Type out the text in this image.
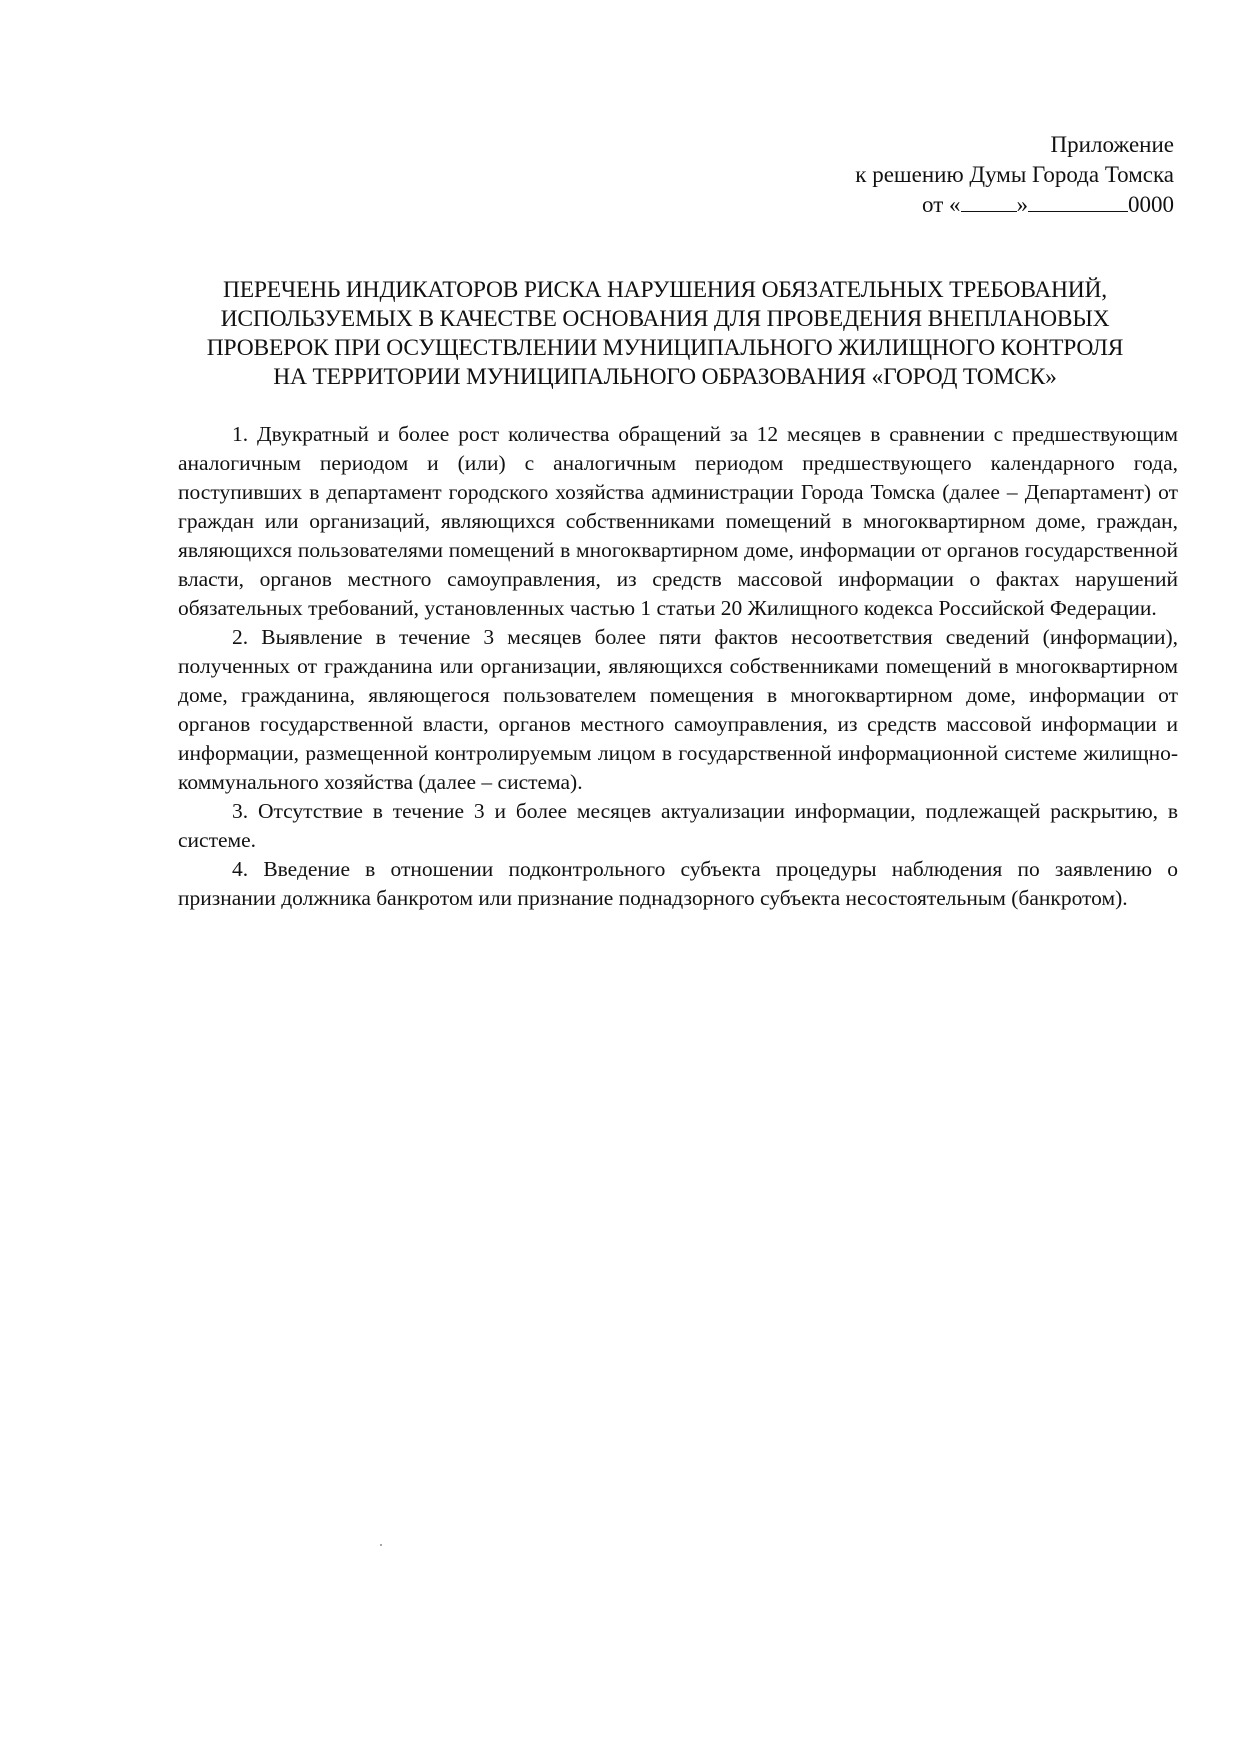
Приложение
к решению Думы Города Томска
от « »	0000
ПЕРЕЧЕНЬ ИНДИКАТОРОВ РИСКА НАРУШЕНИЯ ОБЯЗАТЕЛЬНЫХ ТРЕБОВАНИЙ,
ИСПОЛЬЗУЕМЫХ В КАЧЕСТВЕ ОСНОВАНИЯ ДЛЯ ПРОВЕДЕНИЯ ВНЕПЛАНОВЫХ
ПРОВЕРОК ПРИ ОСУЩЕСТВЛЕНИИ МУНИЦИПАЛЬНОГО ЖИЛИЩНОГО КОНТРОЛЯ
НА ТЕРРИТОРИИ МУНИЦИПАЛЬНОГО ОБРАЗОВАНИЯ «ГОРОД ТОМСК»

1. Двукратный и более рост количества обращений за 12 месяцев в сравнении с предшествующим аналогичным периодом и (или) с аналогичным периодом предшествующего календарного года, поступивших в департамент городского хозяйства администрации Города Томска (далее – Департамент) от граждан или организаций, являющихся собственниками помещений в многоквартирном доме, граждан, являющихся пользователями помещений в многоквартирном доме, информации от органов государственной власти, органов местного самоуправления, из средств массовой информации о фактах нарушений обязательных требований, установленных частью 1 статьи 20 Жилищного кодекса Российской Федерации.

2. Выявление в течение 3 месяцев более пяти фактов несоответствия сведений (информации), полученных от гражданина или организации, являющихся собственниками помещений в многоквартирном доме, гражданина, являющегося пользователем помещения в многоквартирном доме, информации от органов государственной власти, органов местного самоуправления, из средств массовой информации и информации, размещенной контролируемым лицом в государственной информационной системе жилищно-коммунального хозяйства (далее – система).

3. Отсутствие в течение 3 и более месяцев актуализации информации, подлежащей раскрытию, в системе.

4. Введение в отношении подконтрольного субъекта процедуры наблюдения по заявлению о признании должника банкротом или признание поднадзорного субъекта несостоятельным (банкротом).
